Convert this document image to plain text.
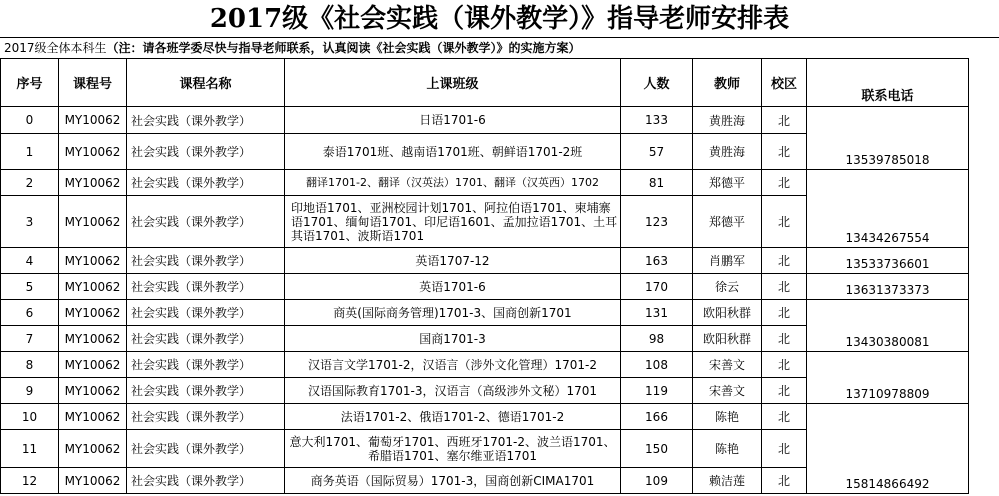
2017级《社会实践（课外教学）》指导老师安排表
2017级全体本科生（注：请各班学委尽快与指导老师联系，认真阅读《社会实践（课外教学）》的实施方案）
序号	课程号	课程名称	上课班级	人数	教师	校区	联系电话
0	MY10062	社会实践（课外教学）	日语1701-6	133	黄胜海	北	13539785018
1	MY10062	社会实践（课外教学）	泰语1701班、越南语1701班、朝鲜语1701-2班	57	黄胜海	北	
2	MY10062	社会实践（课外教学）	翻译1701-2、翻译（汉英法）1701、翻译（汉英西）1702	81	郑德平	北	13434267554
3	MY10062	社会实践（课外教学）	印地语1701、亚洲校园计划1701、阿拉伯语1701、柬埔寨语1701、缅甸语1701、印尼语1601、孟加拉语1701、土耳其语1701、波斯语1701	123	郑德平	北	
4	MY10062	社会实践（课外教学）	英语1707-12	163	肖鹏军	北	13533736601
5	MY10062	社会实践（课外教学）	英语1701-6	170	徐云	北	13631373373
6	MY10062	社会实践（课外教学）	商英(国际商务管理)1701-3、国商创新1701	131	欧阳秋群	北	13430380081
7	MY10062	社会实践（课外教学）	国商1701-3	98	欧阳秋群	北	
8	MY10062	社会实践（课外教学）	汉语言文学1701-2，汉语言（涉外文化管理）1701-2	108	宋善文	北	13710978809
9	MY10062	社会实践（课外教学）	汉语国际教育1701-3，汉语言（高级涉外文秘）1701	119	宋善文	北	
10	MY10062	社会实践（课外教学）	法语1701-2、俄语1701-2、德语1701-2	166	陈艳	北	15814866492
11	MY10062	社会实践（课外教学）	意大利1701、葡萄牙1701、西班牙1701-2、波兰语1701、希腊语1701、塞尔维亚语1701	150	陈艳	北	
12	MY10062	社会实践（课外教学）	商务英语（国际贸易）1701-3，国商创新CIMA1701	109	赖洁莲	北	
